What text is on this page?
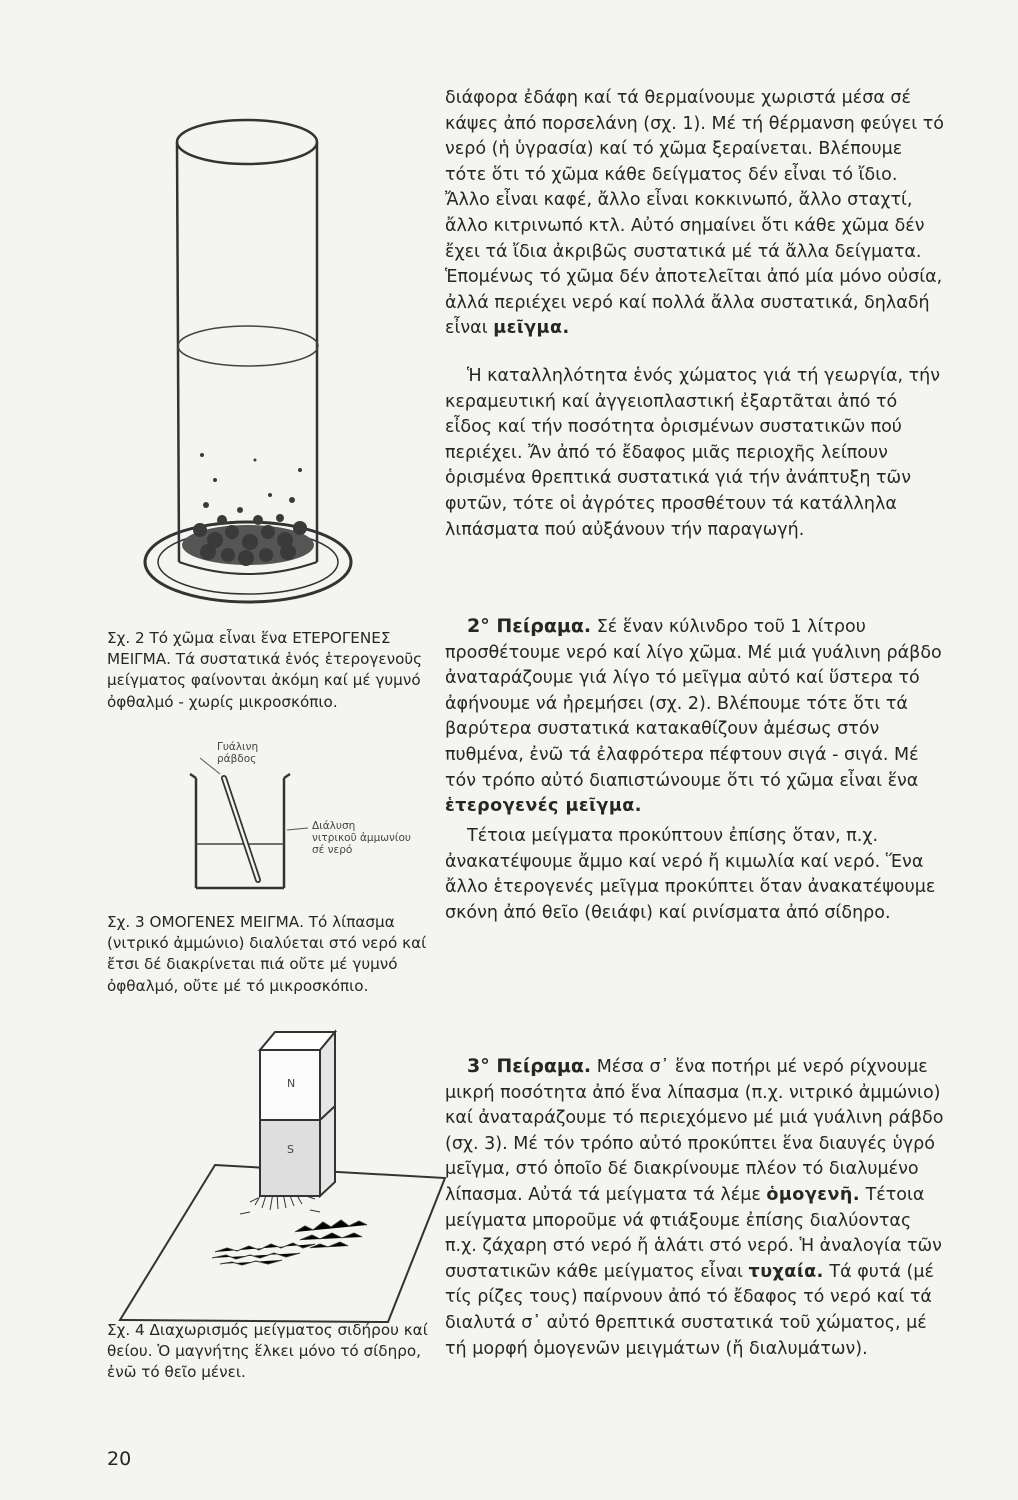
Σχ. 2 Τό χῶμα εἶναι ἕνα ΕΤΕΡΟΓΕΝΕΣ ΜΕΙΓΜΑ. Τά συστατικά ἑνός ἑτερογενοῦς μείγματος φαίνονται ἀκόμη καί μέ γυμνό ὀφθαλμό - χωρίς μικροσκόπιο.

Γυάλινη
ράβδος
Διάλυση
νιτρικοῦ ἀμμωνίου
σέ νερό

Σχ. 3 ΟΜΟΓΕΝΕΣ ΜΕΙΓΜΑ. Τό λίπασμα (νιτρικό ἀμμώνιο) διαλύεται στό νερό καί ἔτσι δέ διακρίνεται πιά οὔτε μέ γυμνό ὀφθαλμό, οὔτε μέ τό μικροσκόπιο.

N
S

Σχ. 4 Διαχωρισμός μείγματος σιδήρου καί θείου. Ὁ μαγνήτης ἕλκει μόνο τό σίδηρο, ἐνῶ τό θεῖο μένει.

διάφορα ἐδάφη καί τά θερμαίνουμε χωριστά μέσα σέ κάψες ἀπό πορσελάνη (σχ. 1). Μέ τή θέρμανση φεύγει τό νερό (ἡ ὑγρασία) καί τό χῶμα ξεραίνεται. Βλέπουμε τότε ὅτι τό χῶμα κάθε δείγματος δέν εἶναι τό ἴδιο. Ἄλλο εἶναι καφέ, ἄλλο εἶναι κοκκινωπό, ἄλλο σταχτί, ἄλλο κιτρινωπό κτλ. Αὐτό σημαίνει ὅτι κάθε χῶμα δέν ἔχει τά ἴδια ἀκριβῶς συστατικά μέ τά ἄλλα δείγματα. Ἑπομένως τό χῶμα δέν ἀποτελεῖται ἀπό μία μόνο οὐσία, ἀλλά περιέχει νερό καί πολλά ἄλλα συστατικά, δηλαδή εἶναι μεῖγμα.

Ἡ καταλληλότητα ἑνός χώματος γιά τή γεωργία, τήν κεραμευτική καί ἀγγειοπλαστική ἐξαρτᾶται ἀπό τό εἶδος καί τήν ποσότητα ὁρισμένων συστατικῶν πού περιέχει. Ἄν ἀπό τό ἔδαφος μιᾶς περιοχῆς λείπουν ὁρισμένα θρεπτικά συστατικά γιά τήν ἀνάπτυξη τῶν φυτῶν, τότε οἱ ἀγρότες προσθέτουν τά κατάλληλα λιπάσματα πού αὐξάνουν τήν παραγωγή.

2° Πείραμα. Σέ ἕναν κύλινδρο τοῦ 1 λίτρου προσθέτουμε νερό καί λίγο χῶμα. Μέ μιά γυάλινη ράβδο ἀναταράζουμε γιά λίγο τό μεῖγμα αὐτό καί ὕστερα τό ἀφήνουμε νά ἠρεμήσει (σχ. 2). Βλέπουμε τότε ὅτι τά βαρύτερα συστατικά κατακαθίζουν ἀμέσως στόν πυθμένα, ἐνῶ τά ἐλαφρότερα πέφτουν σιγά - σιγά. Μέ τόν τρόπο αὐτό διαπιστώνουμε ὅτι τό χῶμα εἶναι ἕνα ἑτερογενές μεῖγμα.

Τέτοια μείγματα προκύπτουν ἐπίσης ὅταν, π.χ. ἀνακατέψουμε ἄμμο καί νερό ἤ κιμωλία καί νερό. Ἕνα ἄλλο ἑτερογενές μεῖγμα προκύπτει ὅταν ἀνακατέψουμε σκόνη ἀπό θεῖο (θειάφι) καί ρινίσματα ἀπό σίδηρο.

3° Πείραμα. Μέσα σ᾿ ἕνα ποτήρι μέ νερό ρίχνουμε μικρή ποσότητα ἀπό ἕνα λίπασμα (π.χ. νιτρικό ἀμμώνιο) καί ἀναταράζουμε τό περιεχόμενο μέ μιά γυάλινη ράβδο (σχ. 3). Μέ τόν τρόπο αὐτό προκύπτει ἕνα διαυγές ὑγρό μεῖγμα, στό ὁποῖο δέ διακρίνουμε πλέον τό διαλυμένο λίπασμα. Αὐτά τά μείγματα τά λέμε ὁμογενῆ. Τέτοια μείγματα μποροῦμε νά φτιάξουμε ἐπίσης διαλύοντας π.χ. ζάχαρη στό νερό ἤ ἁλάτι στό νερό. Ἡ ἀναλογία τῶν συστατικῶν κάθε μείγματος εἶναι τυχαία. Τά φυτά (μέ τίς ρίζες τους) παίρνουν ἀπό τό ἔδαφος τό νερό καί τά διαλυτά σ᾿ αὐτό θρεπτικά συστατικά τοῦ χώματος, μέ τή μορφή ὁμογενῶν μειγμάτων (ἤ διαλυμάτων).

20
